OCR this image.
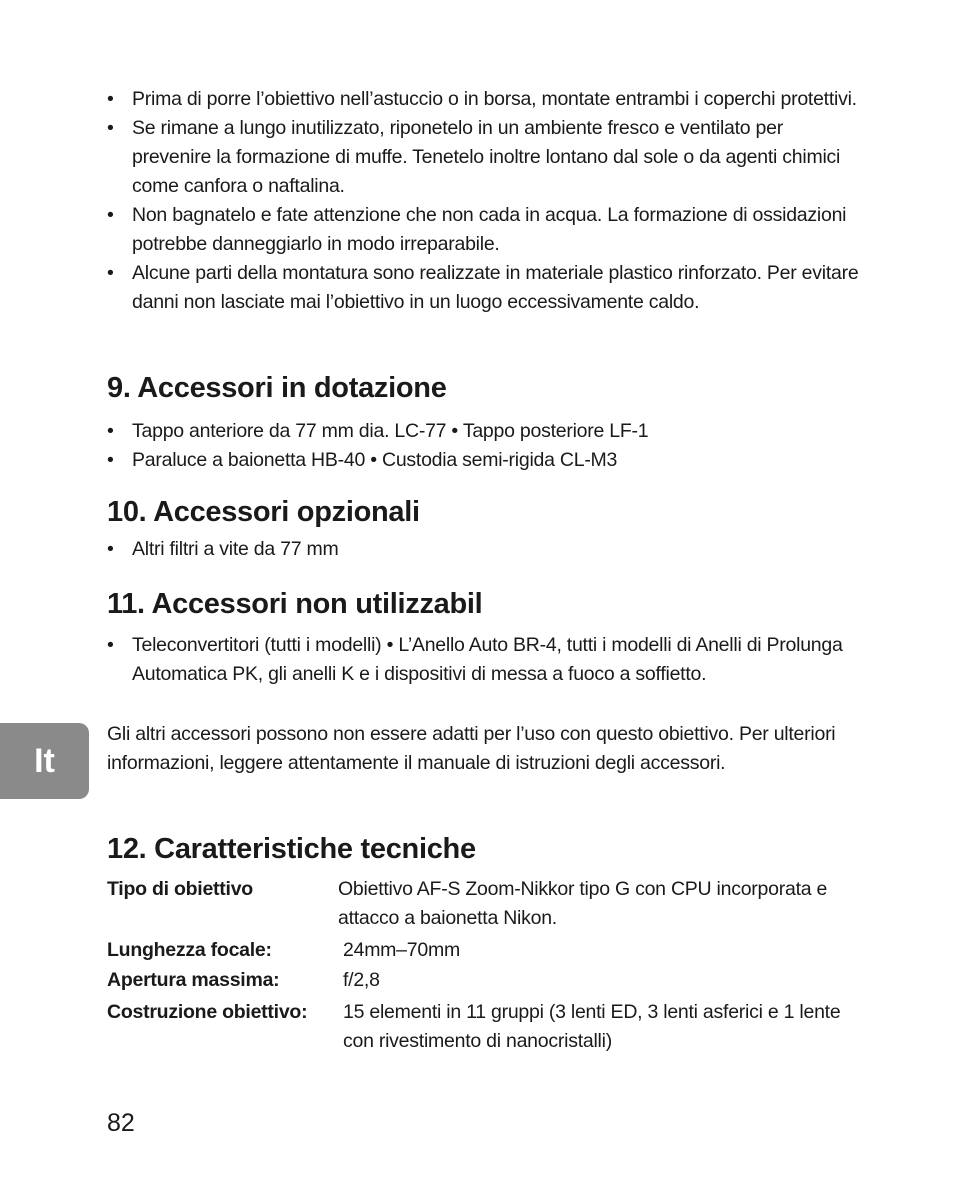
• Prima di porre l’obiettivo nell’astuccio o in borsa, montate entrambi i coperchi protettivi.
• Se rimane a lungo inutilizzato, riponetelo in un ambiente fresco e ventilato per prevenire la formazione di muffe. Tenetelo inoltre lontano dal sole o da agenti chimici come canfora o naftalina.
• Non bagnatelo e fate attenzione che non cada in acqua. La formazione di ossidazioni potrebbe danneggiarlo in modo irreparabile.
• Alcune parti della montatura sono realizzate in materiale plastico rinforzato. Per evitare danni non lasciate mai l’obiettivo in un luogo eccessivamente caldo.
9. Accessori in dotazione
• Tappo anteriore da 77 mm dia. LC-77 • Tappo posteriore LF-1
• Paraluce a baionetta HB-40 • Custodia semi-rigida CL-M3
10. Accessori opzionali
• Altri filtri a vite da 77 mm
11. Accessori non utilizzabil
• Teleconvertitori (tutti i modelli) • L’Anello Auto BR-4, tutti i modelli di Anelli di Prolunga Automatica PK, gli anelli K e i dispositivi di messa a fuoco a soffietto.

Gli altri accessori possono non essere adatti per l’uso con questo obiettivo. Per ulteriori informazioni, leggere attentamente il manuale di istruzioni degli accessori.

12. Caratteristiche tecniche
Tipo di obiettivo	Obiettivo AF-S Zoom-Nikkor tipo G con CPU incorporata e attacco a baionetta Nikon.
Lunghezza focale:	24mm–70mm
Apertura massima:	f/2,8
Costruzione obiettivo: 15 elementi in 11 gruppi (3 lenti ED, 3 lenti asferici e 1 lente con rivestimento di nanocristalli)
It
82
